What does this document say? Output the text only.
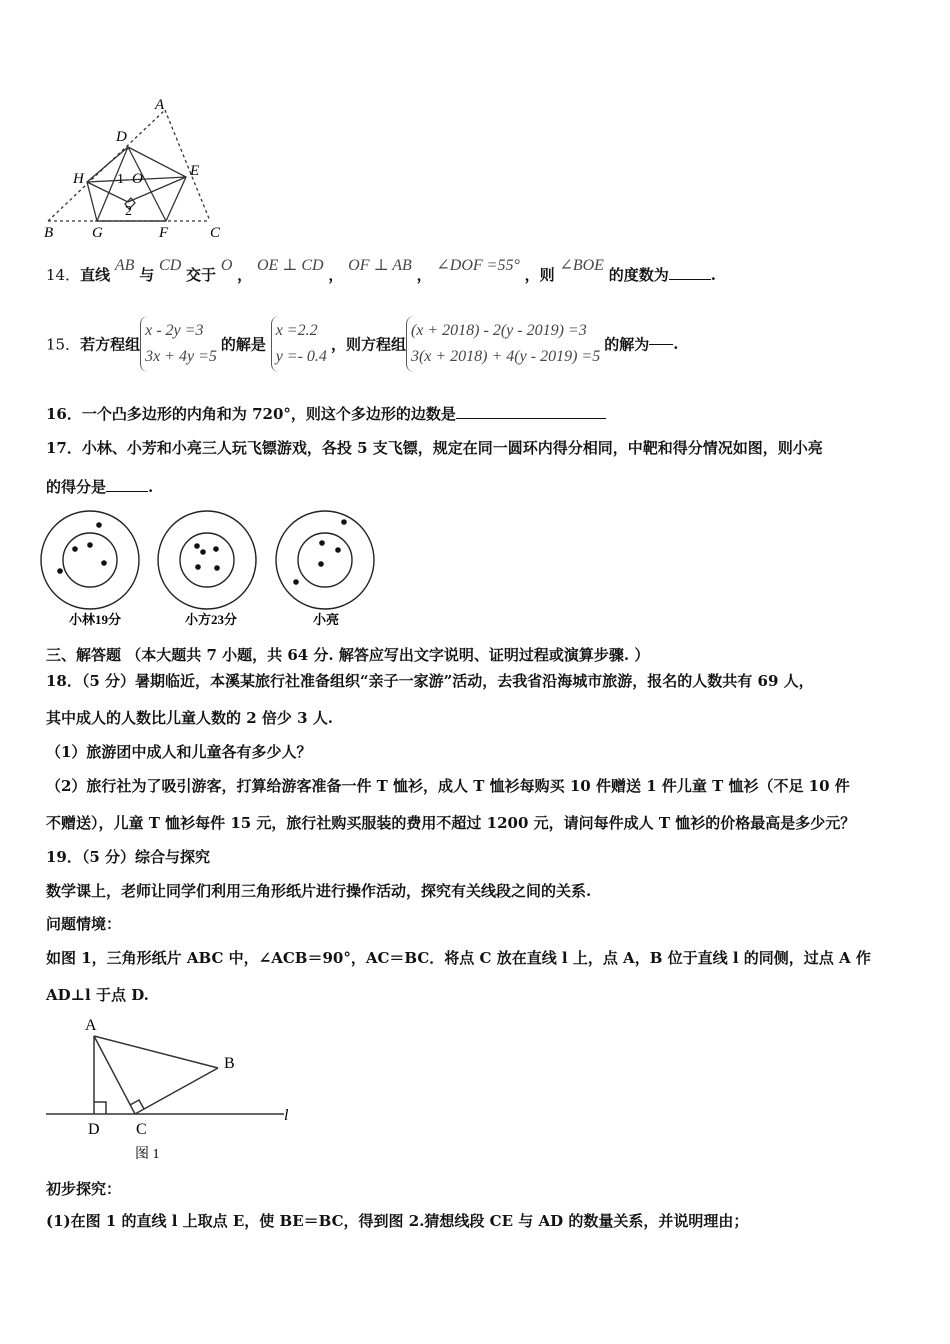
A
D
E
H 1 O
2
B	G	F	C
14．直线 AB 与 CD 交于 O ， OE ⊥ CD ， OF ⊥ AB ， ∠DOF =55° ，则 ∠BOE 的度数为	.
15．若方程组x - 2y =3
3x + 4y =5的解是 x =2.2
y =- 0.4，则方程组(x + 2018) - 2(y - 2019) =3
3(x + 2018) + 4(y - 2019) =5的解为 .
16．一个凸多边形的内角和为 720°，则这个多边形的边数是
17．小林、小芳和小亮三人玩飞镖游戏，各投 5 支飞镖，规定在同一圆环内得分相同，中靶和得分情况如图，则小亮
的得分是	.
小林19分	小方23分	小亮
三、解答题 （本大题共 7 小题，共 64 分. 解答应写出文字说明、证明过程或演算步骤. ）
18．（5 分）暑期临近，本溪某旅行社准备组织“亲子一家游”活动，去我省沿海城市旅游，报名的人数共有 69 人，
其中成人的人数比儿童人数的 2 倍少 3 人.
（1）旅游团中成人和儿童各有多少人？
（2）旅行社为了吸引游客，打算给游客准备一件 T 恤衫，成人 T 恤衫每购买 10 件赠送 1 件儿童 T 恤衫（不足 10 件
不赠送），儿童 T 恤衫每件 15 元，旅行社购买服装的费用不超过 1200 元，请问每件成人 T 恤衫的价格最高是多少元？
19．（5 分）综合与探究
数学课上，老师让同学们利用三角形纸片进行操作活动，探究有关线段之间的关系.
问题情境：
如图 1，三角形纸片 ABC 中，∠ACB＝90°，AC＝BC．将点 C 放在直线 l 上，点 A，B 位于直线 l 的同侧，过点 A 作
AD⊥l 于点 D.
A
B
D C
l
图 1
初步探究：
(1)在图 1 的直线 l 上取点 E，使 BE＝BC，得到图 2.猜想线段 CE 与 AD 的数量关系，并说明理由；
